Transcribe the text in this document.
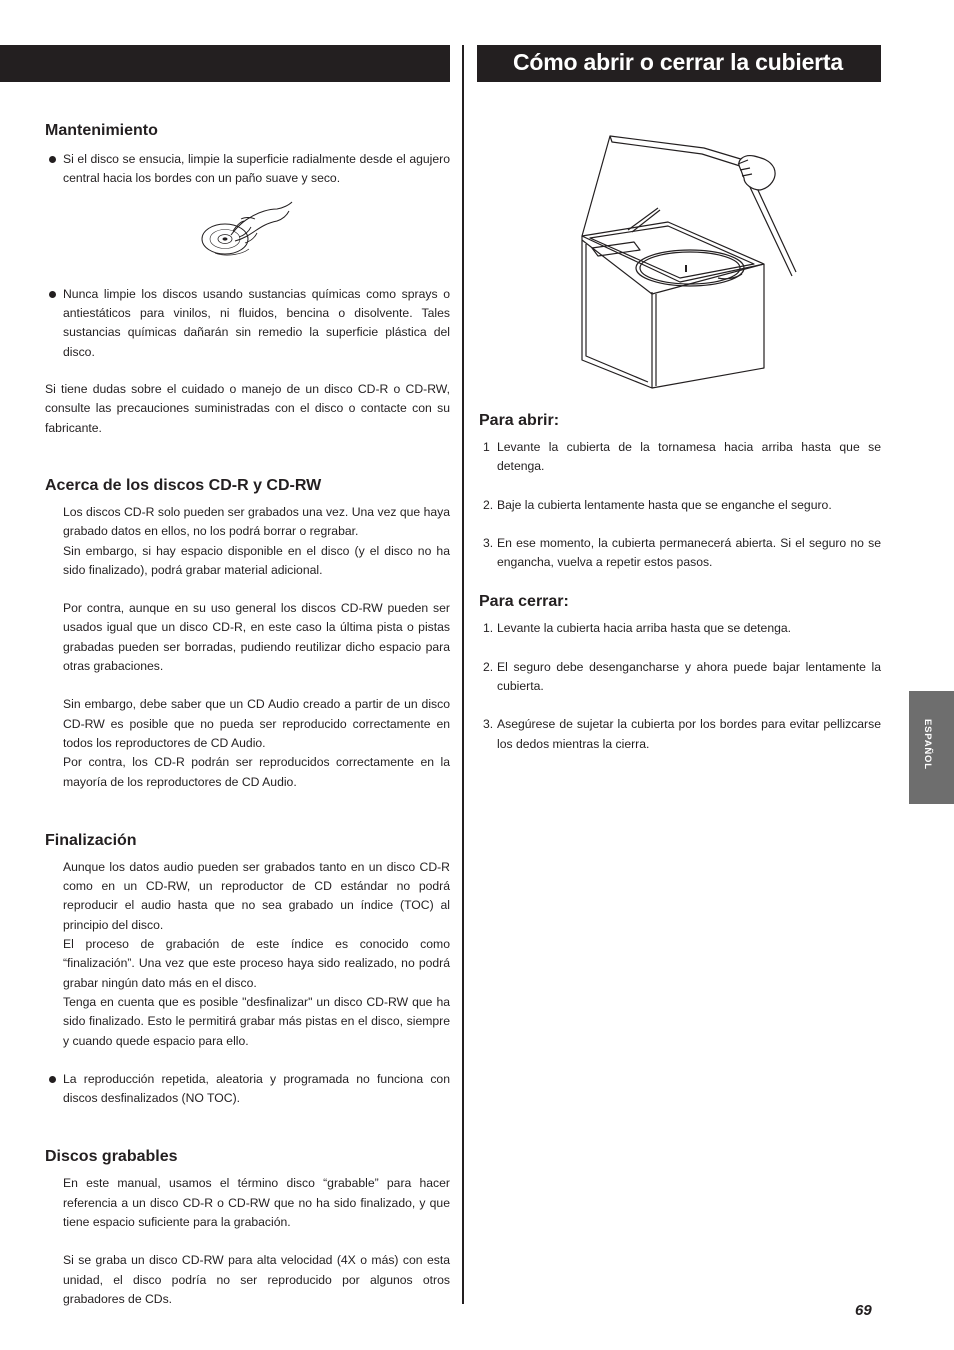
Cómo abrir o cerrar la cubierta
Mantenimiento
Si el disco se ensucia, limpie la superficie radialmente desde el agujero central hacia los bordes con un paño suave y seco.
Nunca limpie los discos usando sustancias químicas como sprays o antiestáticos para vinilos, ni fluidos, bencina o disolvente. Tales sustancias químicas dañarán sin remedio la superficie plástica del disco.

Si tiene dudas sobre el cuidado o manejo de un disco CD-R o CD-RW, consulte las precauciones suministradas con el disco o contacte con su fabricante.

Acerca de los discos CD-R y CD-RW

Los discos CD-R solo pueden ser grabados una vez. Una vez que haya grabado datos en ellos, no los podrá borrar o regrabar.

Sin embargo, si hay espacio disponible en el disco (y el disco no ha sido finalizado), podrá grabar material adicional.

Por contra, aunque en su uso general los discos CD-RW pueden ser usados igual que un disco CD-R, en este caso la última pista o pistas grabadas pueden ser borradas, pudiendo reutilizar dicho espacio para otras grabaciones.

Sin embargo, debe saber que un CD Audio creado a partir de un disco CD-RW es posible que no pueda ser reproducido correctamente en todos los reproductores de CD Audio.

Por contra, los CD-R podrán ser reproducidos correctamente en la mayoría de los reproductores de CD Audio.

Finalización

Aunque los datos audio pueden ser grabados tanto en un disco CD-R como en un CD-RW, un reproductor de CD estándar no podrá reproducir el audio hasta que no sea grabado un índice (TOC) al principio del disco.

El proceso de grabación de este índice es conocido como “finalización”. Una vez que este proceso haya sido realizado, no podrá grabar ningún dato más en el disco.

Tenga en cuenta que es posible "desfinalizar" un disco CD-RW que ha sido finalizado. Esto le permitirá grabar más pistas en el disco, siempre y cuando quede espacio para ello.

La reproducción repetida, aleatoria y programada no funciona con discos desfinalizados (NO TOC).
Discos grabables

En este manual, usamos el término disco “grabable” para hacer referencia a un disco CD-R o CD-RW que no ha sido finalizado, y que tiene espacio suficiente para la grabación.

Si se graba un disco CD-RW para alta velocidad (4X o más) con esta unidad, el disco podría no ser reproducido por algunos otros grabadores de CDs.

Para abrir:
1 Levante la cubierta de la tornamesa hacia arriba hasta que se detenga.
2. Baje la cubierta lentamente hasta que se enganche el seguro.
3. En ese momento, la cubierta permanecerá abierta. Si el seguro no se engancha, vuelva a repetir estos pasos.
Para cerrar:
1. Levante la cubierta hacia arriba hasta que se detenga.
2. El seguro debe desengancharse y ahora puede bajar lentamente la cubierta.
3. Asegúrese de sujetar la cubierta por los bordes para evitar pellizcarse los dedos mientras la cierra.	ESPAÑOL
69
